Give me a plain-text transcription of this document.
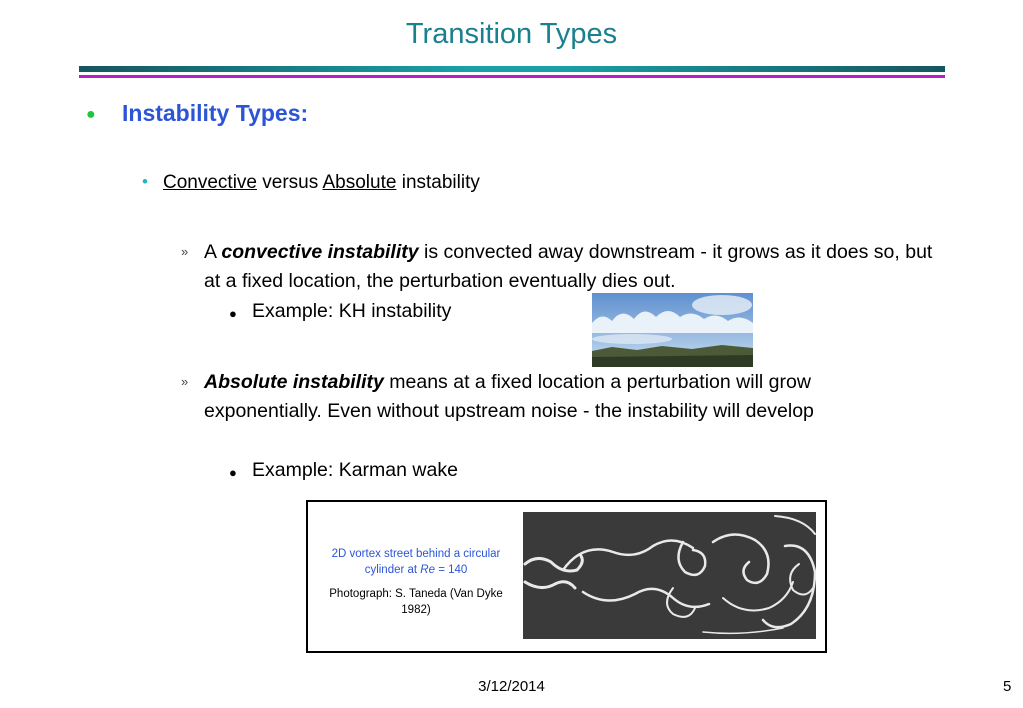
Transition Types
● Instability Types:
• Convective versus Absolute instability
» A convective instability is convected away downstream - it grows as it does so, but at a fixed location, the perturbation eventually dies out.
● Example: KH instability
» Absolute instability means at a fixed location a perturbation will grow exponentially. Even without upstream noise - the instability will develop
● Example: Karman wake
2D vortex street behind a circular cylinder at Re = 140
Photograph: S. Taneda (Van Dyke 1982)
3/12/2014	5
